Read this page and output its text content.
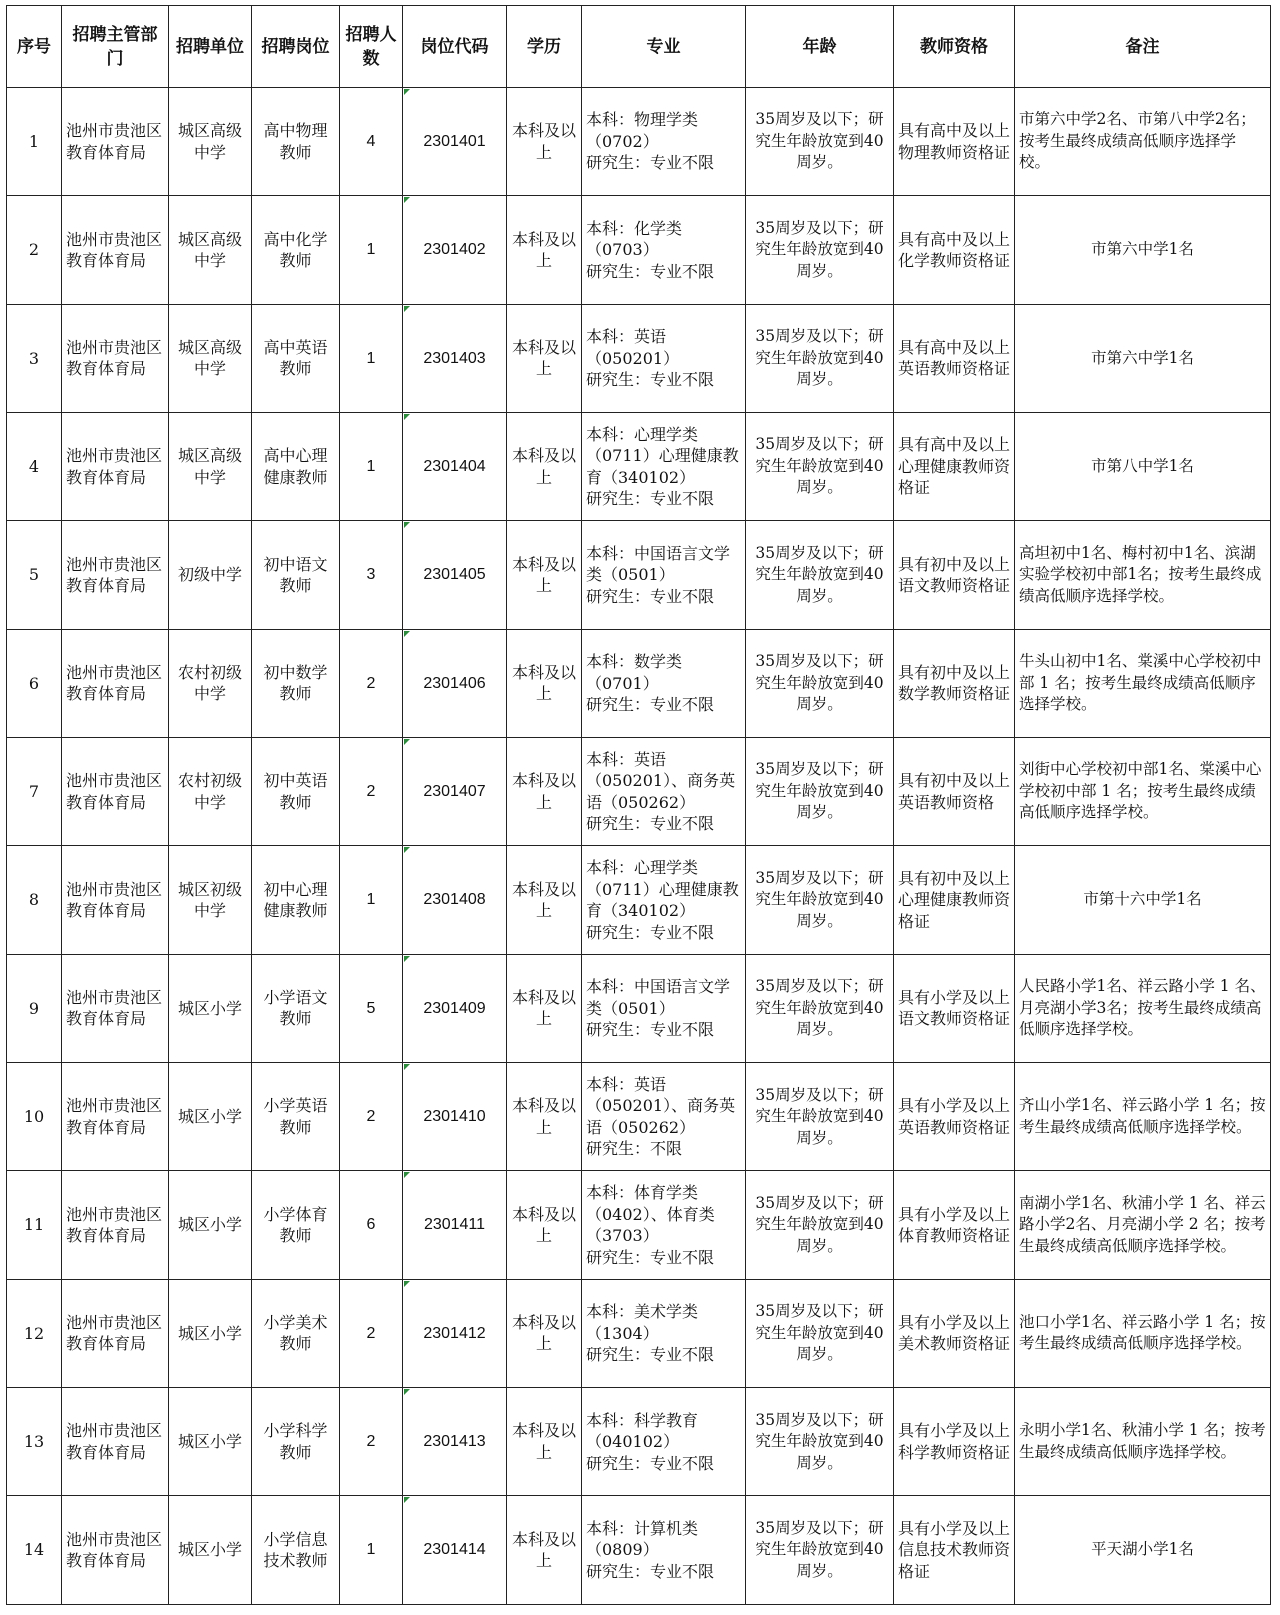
序号	招聘主管部门	招聘单位	招聘岗位	招聘人数	岗位代码	学历	专业	年龄	教师资格	备注
1	池州市贵池区教育体育局	城区高级中学	高中物理教师	4	2301401	本科及以上	本科：物理学类（0702）
研究生：专业不限	35周岁及以下；研究生年龄放宽到40周岁。	具有高中及以上物理教师资格证	市第六中学2名、市第八中学2名；按考生最终成绩高低顺序选择学校。
2	池州市贵池区教育体育局	城区高级中学	高中化学教师	1	2301402	本科及以上	本科：化学类（0703）
研究生：专业不限	35周岁及以下；研究生年龄放宽到40周岁。	具有高中及以上化学教师资格证	市第六中学1名
3	池州市贵池区教育体育局	城区高级中学	高中英语教师	1	2301403	本科及以上	本科：英语（050201）
研究生：专业不限	35周岁及以下；研究生年龄放宽到40周岁。	具有高中及以上英语教师资格证	市第六中学1名
4	池州市贵池区教育体育局	城区高级中学	高中心理健康教师	1	2301404	本科及以上	本科：心理学类（0711）心理健康教育（340102）
研究生：专业不限	35周岁及以下；研究生年龄放宽到40周岁。	具有高中及以上心理健康教师资格证	市第八中学1名
5	池州市贵池区教育体育局	初级中学	初中语文教师	3	2301405	本科及以上	本科：中国语言文学类（0501）
研究生：专业不限	35周岁及以下；研究生年龄放宽到40周岁。	具有初中及以上语文教师资格证	高坦初中1名、梅村初中1名、滨湖实验学校初中部1名；按考生最终成绩高低顺序选择学校。
6	池州市贵池区教育体育局	农村初级中学	初中数学教师	2	2301406	本科及以上	本科：数学类（0701）
研究生：专业不限	35周岁及以下；研究生年龄放宽到40周岁。	具有初中及以上数学教师资格证	牛头山初中1名、棠溪中心学校初中部 1 名；按考生最终成绩高低顺序选择学校。
7	池州市贵池区教育体育局	农村初级中学	初中英语教师	2	2301407	本科及以上	本科：英语（050201）、商务英语（050262）
研究生：专业不限	35周岁及以下；研究生年龄放宽到40周岁。	具有初中及以上英语教师资格	刘街中心学校初中部1名、棠溪中心学校初中部 1 名；按考生最终成绩高低顺序选择学校。
8	池州市贵池区教育体育局	城区初级中学	初中心理健康教师	1	2301408	本科及以上	本科：心理学类（0711）心理健康教育（340102）
研究生：专业不限	35周岁及以下；研究生年龄放宽到40周岁。	具有初中及以上心理健康教师资格证	市第十六中学1名
9	池州市贵池区教育体育局	城区小学	小学语文教师	5	2301409	本科及以上	本科：中国语言文学类（0501）
研究生：专业不限	35周岁及以下；研究生年龄放宽到40周岁。	具有小学及以上语文教师资格证	人民路小学1名、祥云路小学 1 名、月亮湖小学3名；按考生最终成绩高低顺序选择学校。
10	池州市贵池区教育体育局	城区小学	小学英语教师	2	2301410	本科及以上	本科：英语（050201）、商务英语（050262）
研究生：不限	35周岁及以下；研究生年龄放宽到40周岁。	具有小学及以上英语教师资格证	齐山小学1名、祥云路小学 1 名；按考生最终成绩高低顺序选择学校。
11	池州市贵池区教育体育局	城区小学	小学体育教师	6	2301411	本科及以上	本科：体育学类（0402）、体育类（3703）
研究生：专业不限	35周岁及以下；研究生年龄放宽到40周岁。	具有小学及以上体育教师资格证	南湖小学1名、秋浦小学 1 名、祥云路小学2名、月亮湖小学 2 名；按考生最终成绩高低顺序选择学校。
12	池州市贵池区教育体育局	城区小学	小学美术教师	2	2301412	本科及以上	本科：美术学类（1304）
研究生：专业不限	35周岁及以下；研究生年龄放宽到40周岁。	具有小学及以上美术教师资格证	池口小学1名、祥云路小学 1 名；按考生最终成绩高低顺序选择学校。
13	池州市贵池区教育体育局	城区小学	小学科学教师	2	2301413	本科及以上	本科：科学教育（040102）
研究生：专业不限	35周岁及以下；研究生年龄放宽到40周岁。	具有小学及以上科学教师资格证	永明小学1名、秋浦小学 1 名；按考生最终成绩高低顺序选择学校。
14	池州市贵池区教育体育局	城区小学	小学信息技术教师	1	2301414	本科及以上	本科：计算机类（0809）
研究生：专业不限	35周岁及以下；研究生年龄放宽到40周岁。	具有小学及以上信息技术教师资格证	平天湖小学1名
